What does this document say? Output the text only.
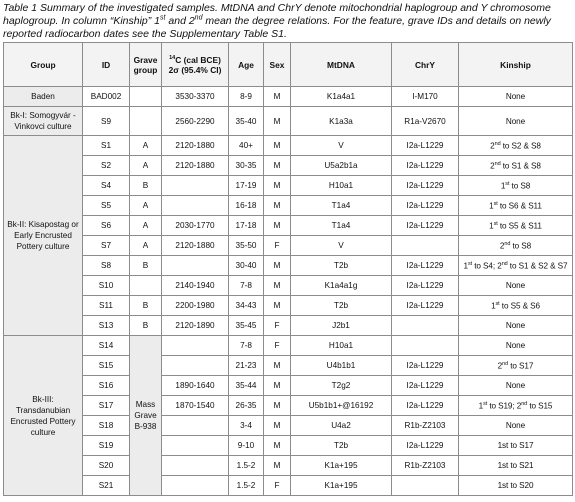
Table 1 Summary of the investigated samples. MtDNA and ChrY denote mitochondrial haplogroup and Y chromosome haplogroup. In column “Kinship” 1st and 2nd mean the degree relations. For the feature, grave IDs and details on newly reported radiocarbon dates see the Supplementary Table S1.
Group	ID	Grave group	$^{14}$C (cal BCE) 2σ (95.4% CI)	Age	Sex	MtDNA	ChrY	Kinship
Baden	BAD002		3530-3370	8-9	M	K1a4a1	I-M170	None
Bk-I: Somogyvár - Vinkovci culture	S9		2560-2290	35-40	M	K1a3a	R1a-V2670	None
Bk-II: Kisapostag or Early Encrusted Pottery culture	S1	A	2120-1880	40+	M	V	I2a-L1229	2nd to S2 & S8
	S2	A	2120-1880	30-35	M	U5a2b1a	I2a-L1229	2nd to S1 & S8
	S4	B		17-19	M	H10a1	I2a-L1229	1st to S8
	S5	A		16-18	M	T1a4	I2a-L1229	1st to S6 & S11
	S6	A	2030-1770	17-18	M	T1a4	I2a-L1229	1st to S5 & S11
	S7	A	2120-1880	35-50	F	V		2nd to S8
	S8	B		30-40	M	T2b	I2a-L1229	1st to S4; 2nd to S1 & S2 & S7
	S10		2140-1940	7-8	M	K1a4a1g	I2a-L1229	None
	S11	B	2200-1980	34-43	M	T2b	I2a-L1229	1st to S5 & S6
	S13	B	2120-1890	35-45	F	J2b1		None
Bk-III: Transdanubian Encrusted Pottery culture	S14	Mass Grave B-938		7-8	F	H10a1		None
	S15			21-23	M	U4b1b1	I2a-L1229	2nd to S17
	S16		1890-1640	35-44	M	T2g2	I2a-L1229	None
	S17		1870-1540	26-35	M	U5b1b1+@16192	I2a-L1229	1st to S19; 2nd to S15
	S18			3-4	M	U4a2	R1b-Z2103	None
	S19			9-10	M	T2b	I2a-L1229	1st to S17
	S20			1.5-2	M	K1a+195	R1b-Z2103	1st to S21
	S21			1.5-2	F	K1a+195		1st to S20
